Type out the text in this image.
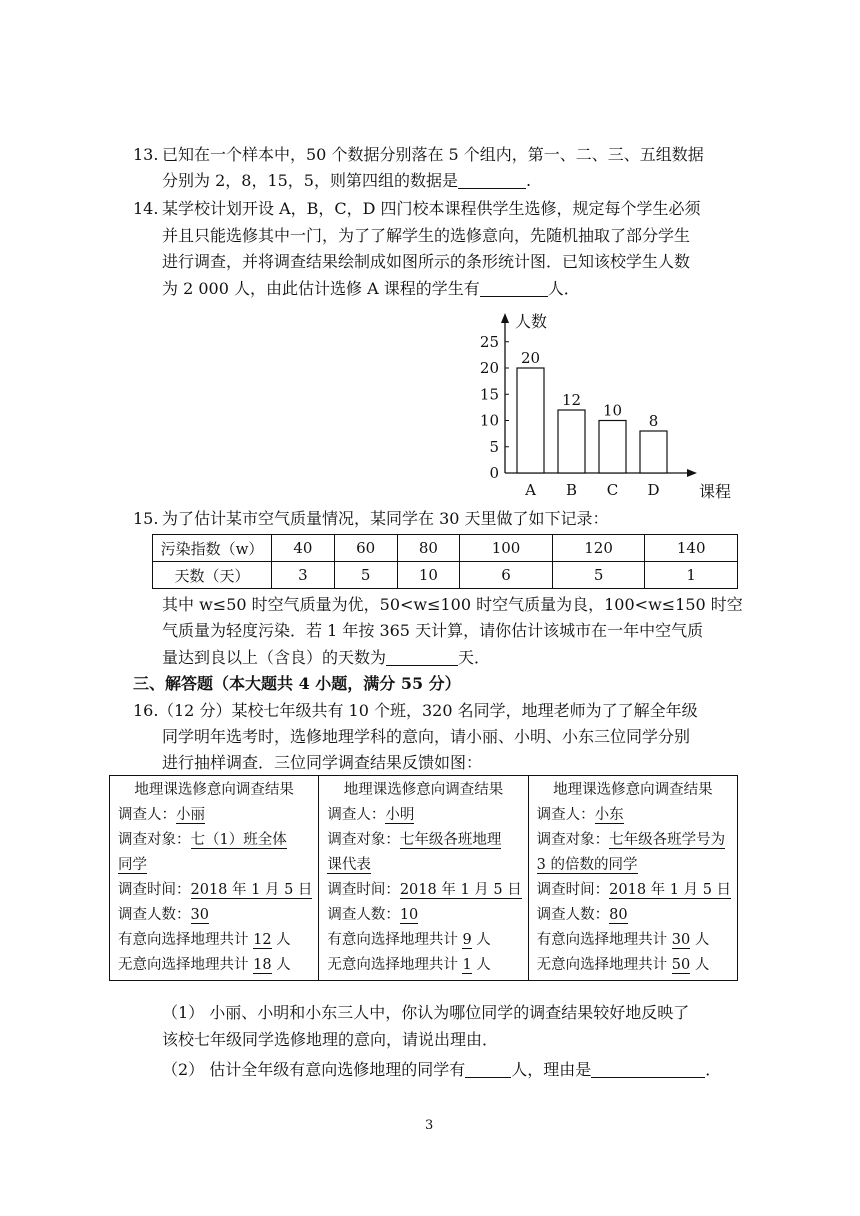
13. 已知在一个样本中，50 个数据分别落在 5 个组内，第一、二、三、五组数据
分别为 2，8，15，5，则第四组的数据是	.
14. 某学校计划开设 A，B，C，D 四门校本课程供学生选修，规定每个学生必须
并且只能选修其中一门，为了了解学生的选修意向，先随机抽取了部分学生
进行调查，并将调查结果绘制成如图所示的条形统计图．已知该校学生人数
为 2 000 人，由此估计选修 A 课程的学生有	人．
人数
课程
0
5
10
15
20
25
20
A
12
B
10
C
8
D
15. 为了估计某市空气质量情况，某同学在 30 天里做了如下记录：
污染指数（w）	40	60	80	100	120	140
天数（天）	3	5	10	6	5	1
其中 w≤50 时空气质量为优，50<w≤100 时空气质量为良，100<w≤150 时空
气质量为轻度污染．若 1 年按 365 天计算，请你估计该城市在一年中空气质
量达到良以上（含良）的天数为	天．
三、解答题（本大题共 4 小题，满分 55 分）
16. （12 分）某校七年级共有 10 个班，320 名同学，地理老师为了了解全年级
同学明年选考时，选修地理学科的意向，请小丽、小明、小东三位同学分别
进行抽样调查．三位同学调查结果反馈如图：
地理课选修意向调查结果
调查人：小丽
调查对象：七（1）班全体
同学
调查时间：2018 年 1 月 5 日
调查人数：30
有意向选择地理共计 12 人
无意向选择地理共计 18 人

地理课选修意向调查结果
调查人：小明
调查对象：七年级各班地理
课代表
调查时间：2018 年 1 月 5 日
调查人数：10
有意向选择地理共计 9 人
无意向选择地理共计 1 人

地理课选修意向调查结果
调查人：小东
调查对象：七年级各班学号为
3 的倍数的同学
调查时间：2018 年 1 月 5 日
调查人数：80
有意向选择地理共计 30 人
无意向选择地理共计 50 人
（1） 小丽、小明和小东三人中，你认为哪位同学的调查结果较好地反映了
该校七年级同学选修地理的意向，请说出理由．
（2） 估计全年级有意向选修地理的同学有	人，理由是	．
3
